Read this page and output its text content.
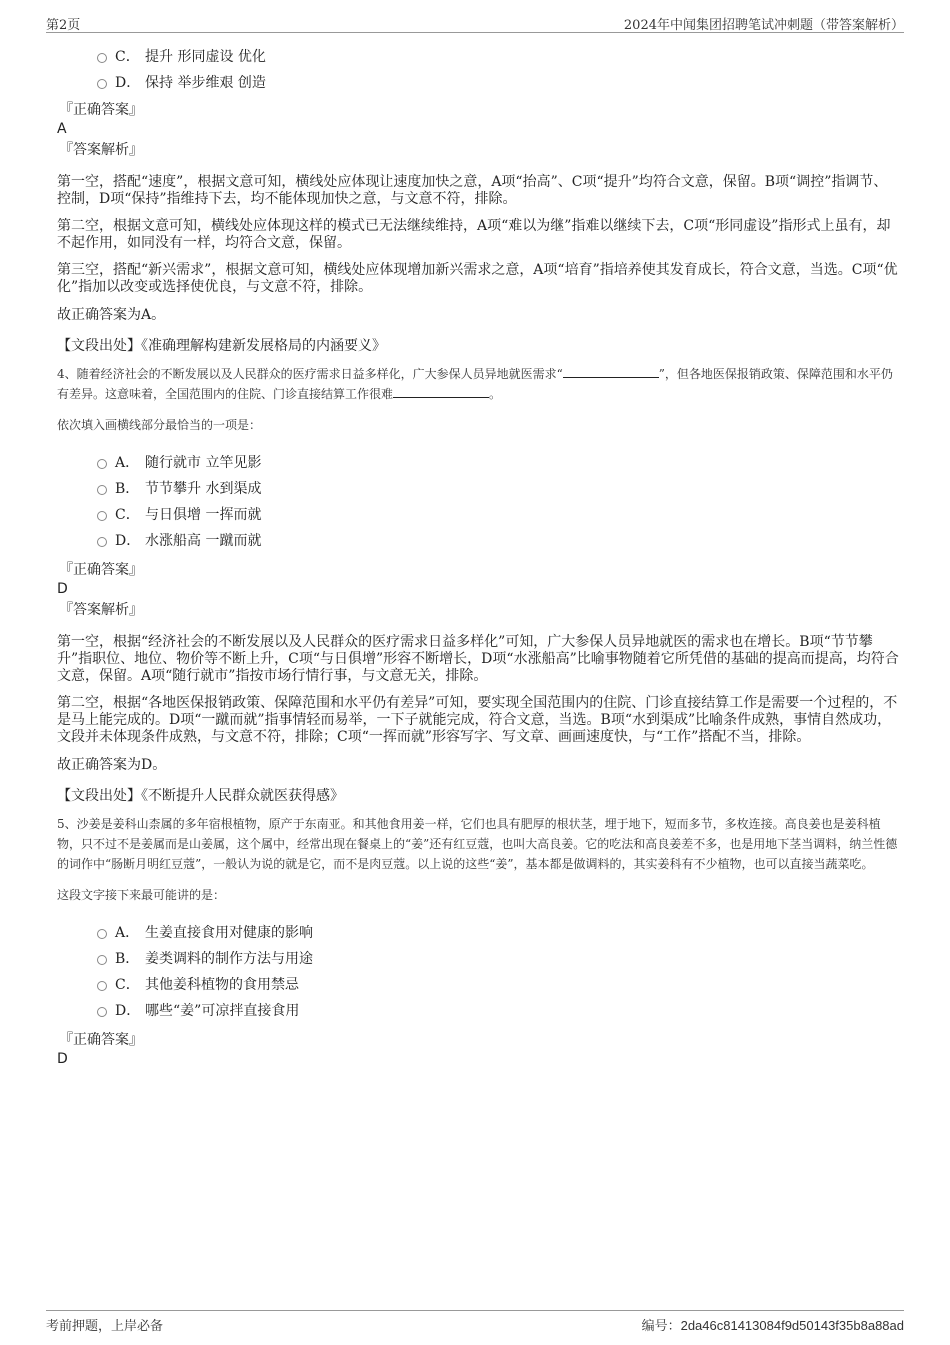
第2页	2024年中闻集团招聘笔试冲刺题（带答案解析）
C． 提升 形同虚设 优化
D． 保持 举步维艰 创造
『正确答案』
A
『答案解析』

第一空，搭配“速度”，根据文意可知，横线处应体现让速度加快之意，A项“抬高”、C项“提升”均符合文意，保留。B项“调控”指调节、控制，D项“保持”指维持下去，均不能体现加快之意，与文意不符，排除。

第二空，根据文意可知，横线处应体现这样的模式已无法继续维持，A项“难以为继”指难以继续下去，C项“形同虚设”指形式上虽有，却不起作用，如同没有一样，均符合文意，保留。

第三空，搭配“新兴需求”，根据文意可知，横线处应体现增加新兴需求之意，A项“培育”指培养使其发育成长，符合文意，当选。C项“优化”指加以改变或选择使优良，与文意不符，排除。

故正确答案为A。

【文段出处】《准确理解构建新发展格局的内涵要义》

4、随着经济社会的不断发展以及人民群众的医疗需求日益多样化，广大参保人员异地就医需求“	”，但各地医保报销政策、保障范围和水平仍有差异。这意味着，全国范围内的住院、门诊直接结算工作很难	。

依次填入画横线部分最恰当的一项是：

A． 随行就市 立竿见影
B． 节节攀升 水到渠成
C． 与日俱增 一挥而就
D． 水涨船高 一蹴而就
『正确答案』
D
『答案解析』

第一空，根据“经济社会的不断发展以及人民群众的医疗需求日益多样化”可知，广大参保人员异地就医的需求也在增长。B项“节节攀升”指职位、地位、物价等不断上升，C项“与日俱增”形容不断增长，D项“水涨船高”比喻事物随着它所凭借的基础的提高而提高，均符合文意，保留。A项“随行就市”指按市场行情行事，与文意无关，排除。

第二空，根据“各地医保报销政策、保障范围和水平仍有差异”可知，要实现全国范围内的住院、门诊直接结算工作是需要一个过程的，不是马上能完成的。D项“一蹴而就”指事情轻而易举，一下子就能完成，符合文意，当选。B项“水到渠成”比喻条件成熟，事情自然成功，文段并未体现条件成熟，与文意不符，排除；C项“一挥而就”形容写字、写文章、画画速度快，与“工作”搭配不当，排除。

故正确答案为D。

【文段出处】《不断提升人民群众就医获得感》

5、沙姜是姜科山柰属的多年宿根植物，原产于东南亚。和其他食用姜一样，它们也具有肥厚的根状茎，埋于地下，短而多节，多枚连接。高良姜也是姜科植物，只不过不是姜属而是山姜属，这个属中，经常出现在餐桌上的“姜”还有红豆蔻，也叫大高良姜。它的吃法和高良姜差不多，也是用地下茎当调料，纳兰性德的词作中“肠断月明红豆蔻”，一般认为说的就是它，而不是肉豆蔻。以上说的这些“姜”，基本都是做调料的，其实姜科有不少植物，也可以直接当蔬菜吃。

这段文字接下来最可能讲的是：

A． 生姜直接食用对健康的影响
B． 姜类调料的制作方法与用途
C． 其他姜科植物的食用禁忌
D． 哪些“姜”可凉拌直接食用
『正确答案』
D
考前押题，上岸必备	编号：2da46c81413084f9d50143f35b8a88ad
